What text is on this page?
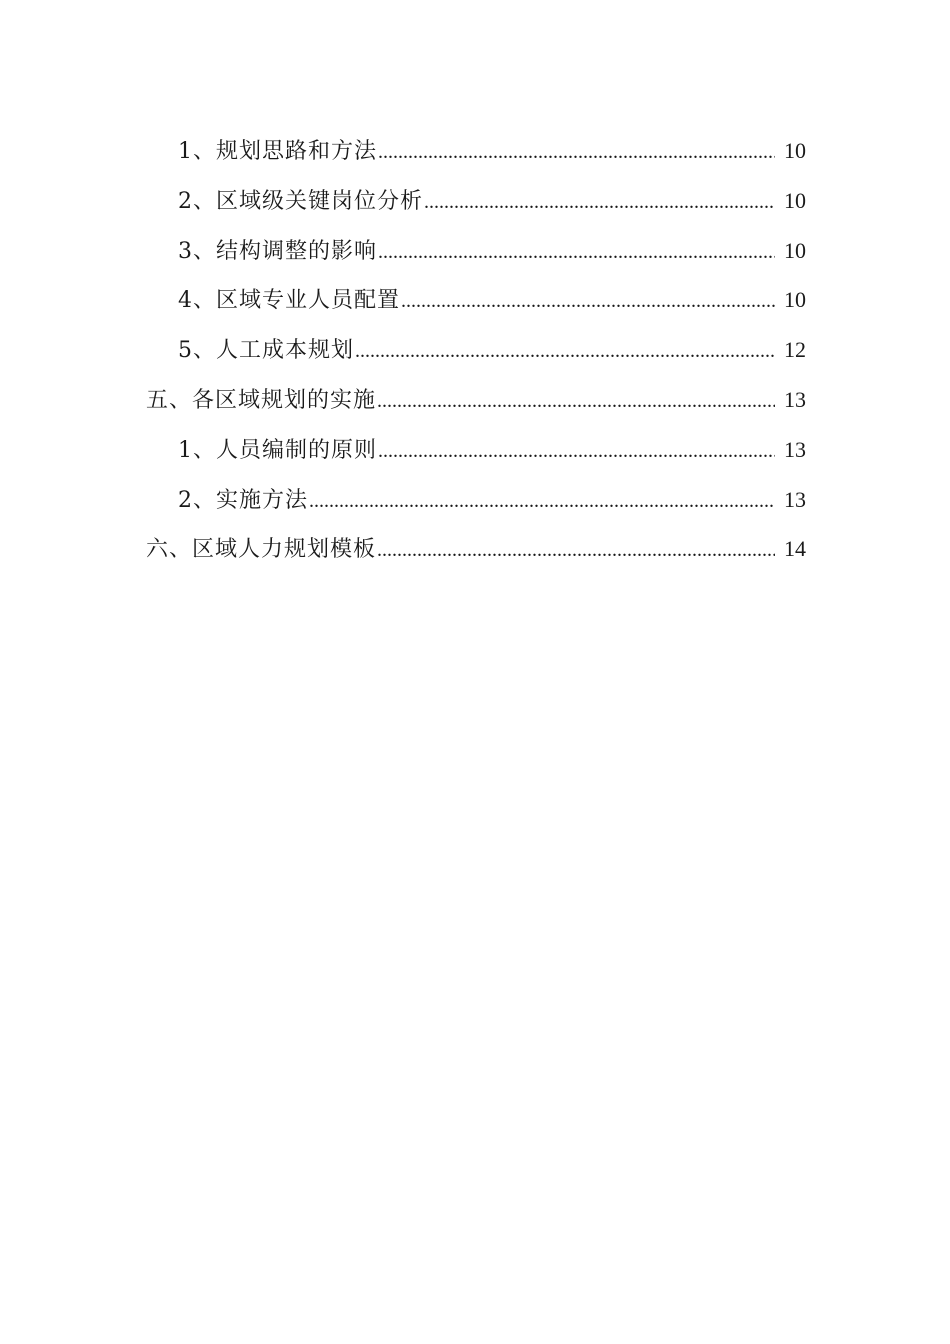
1、规划思路和方法 .....	10
2、区域级关键岗位分析 .....	10
3、结构调整的影响 .....	10
4、区域专业人员配置 .....	10
5、人工成本规划 .....	12
五、各区域规划的实施 .....	13
1、人员编制的原则 .....	13
2、实施方法 .....	13
六、区域人力规划模板 .....	14
